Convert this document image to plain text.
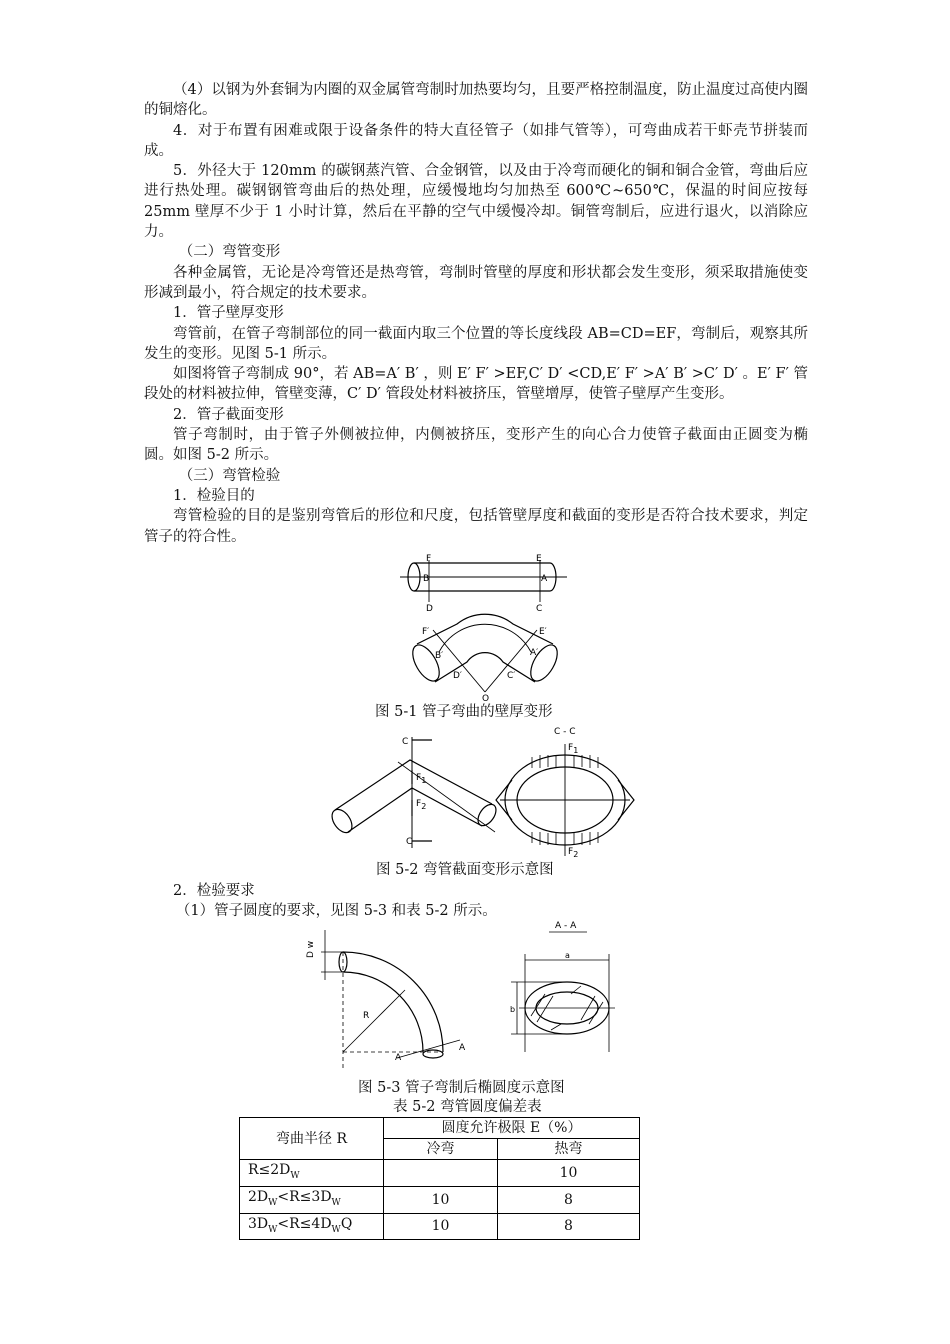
（4）以钢为外套铜为内圈的双金属管弯制时加热要均匀，且要严格控制温度，防止温度过高使内圈的铜熔化。

4．对于布置有困难或限于设备条件的特大直径管子（如排气管等），可弯曲成若干虾壳节拼装而成。

5．外径大于 120mm 的碳钢蒸汽管、合金钢管，以及由于冷弯而硬化的铜和铜合金管，弯曲后应进行热处理。碳钢钢管弯曲后的热处理，应缓慢地均匀加热至 600℃~650℃，保温的时间应按每 25mm 壁厚不少于 1 小时计算，然后在平静的空气中缓慢冷却。铜管弯制后，应进行退火，以消除应力。

（二）弯管变形

各种金属管，无论是冷弯管还是热弯管，弯制时管壁的厚度和形状都会发生变形，须采取措施使变形减到最小，符合规定的技术要求。

1．管子壁厚变形

弯管前，在管子弯制部位的同一截面内取三个位置的等长度线段 AB=CD=EF，弯制后，观察其所发生的变形。见图 5-1 所示。

如图将管子弯制成 90°，若 AB=A′ B′ ，则 E′ F′ >EF,C′ D′ <CD,E′ F′ >A′ B′ >C′ D′ 。E′ F′ 管段处的材料被拉伸，管壁变薄，C′ D′ 管段处材料被挤压，管壁增厚，使管子壁厚产生变形。

2．管子截面变形

管子弯制时，由于管子外侧被拉伸，内侧被挤压，变形产生的向心合力使管子截面由正圆变为椭圆。如图 5-2 所示。

（三）弯管检验

1．检验目的

弯管检验的目的是鉴别弯管后的形位和尺度，包括管壁厚度和截面的变形是否符合技术要求，判定管子的符合性。

F	E
B	A
D	C
F′	E′
B′	A′
D′	C′
O
图 5-1 管子弯曲的壁厚变形
C
C
F1
F2
C - C
F1
F2
图 5-2 弯管截面变形示意图

2．检验要求

（1）管子圆度的要求，见图 5-3 和表 5-2 所示。

D w
R
A
A
A - A
a
b
图 5-3 管子弯制后椭圆度示意图
表 5-2 弯管圆度偏差表
弯曲半径 R	圆度允许极限 E（%）	
	冷弯	热弯
$R\le 2D_W$		10
$2D_W<R\le 3D_W$	10	8
$3D_W<R\le 4D_WQ$	10	8
